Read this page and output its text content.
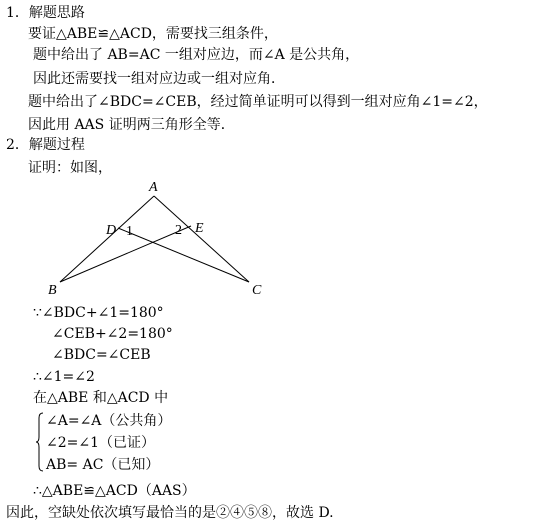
1．解题思路
要证△ABE≌△ACD，需要找三组条件，
题中给出了 AB=AC 一组对应边，而∠A 是公共角，
因此还需要找一组对应边或一组对应角．
题中给出了∠BDC=∠CEB，经过简单证明可以得到一组对应角∠1=∠2，
因此用 AAS 证明两三角形全等．
2．解题过程
证明：如图，
A
B	C
D	E
1	2
∵∠BDC+∠1=180°
∠CEB+∠2=180°
∠BDC=∠CEB
∴∠1=∠2
在△ABE 和△ACD 中
∠A=∠A（公共角）
∠2=∠1（已证）
AB= AC（已知）
∴△ABE≌△ACD（AAS）
因此，空缺处依次填写最恰当的是②④⑤⑧，故选 D.
